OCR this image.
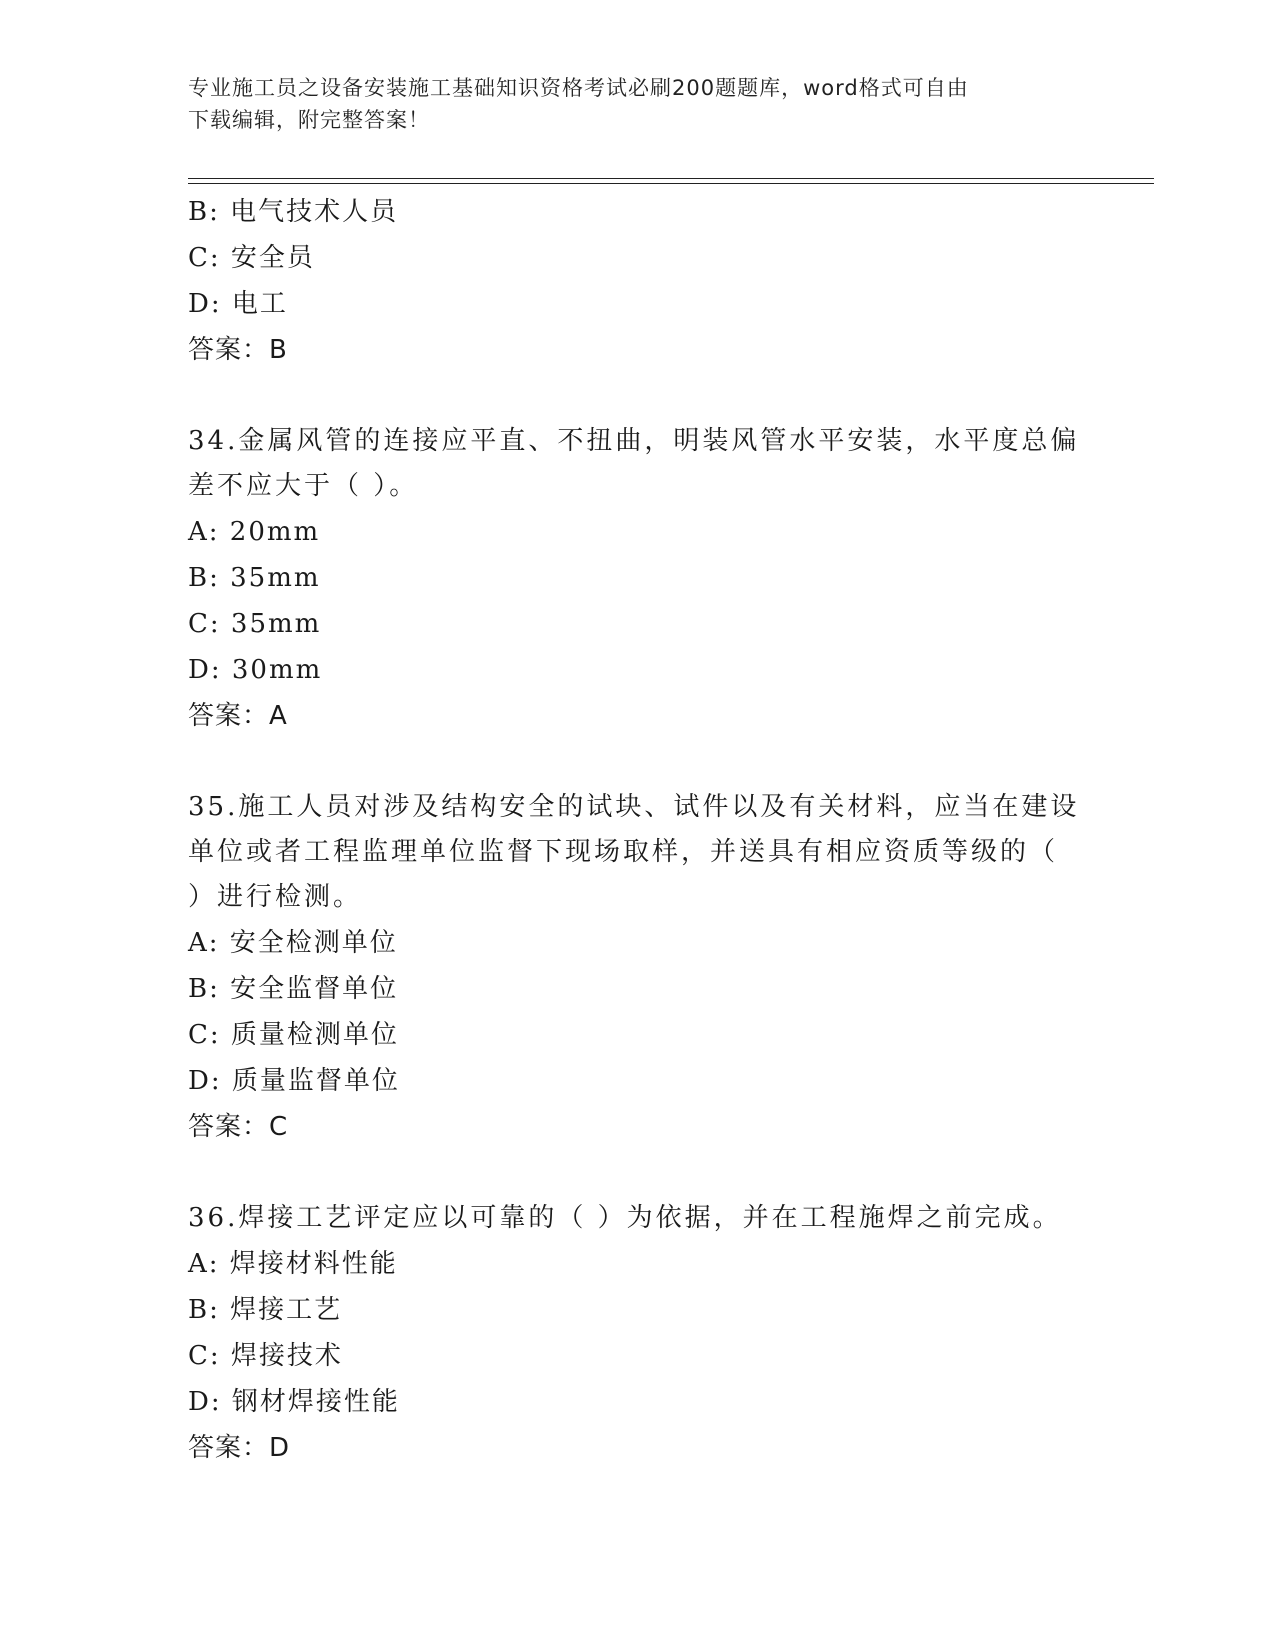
专业施工员之设备安装施工基础知识资格考试必刷200题题库，word格式可自由
下载编辑，附完整答案！
B: 电气技术人员
C: 安全员
D: 电工
答案：B
34.金属风管的连接应平直、不扭曲，明装风管水平安装，水平度总偏
差不应大于（ ）。
A: 20mm
B: 35mm
C: 35mm
D: 30mm
答案：A
35.施工人员对涉及结构安全的试块、试件以及有关材料，应当在建设
单位或者工程监理单位监督下现场取样，并送具有相应资质等级的（
）进行检测。
A: 安全检测单位
B: 安全监督单位
C: 质量检测单位
D: 质量监督单位
答案：C
36.焊接工艺评定应以可靠的（ ）为依据，并在工程施焊之前完成。
A: 焊接材料性能
B: 焊接工艺
C: 焊接技术
D: 钢材焊接性能
答案：D
